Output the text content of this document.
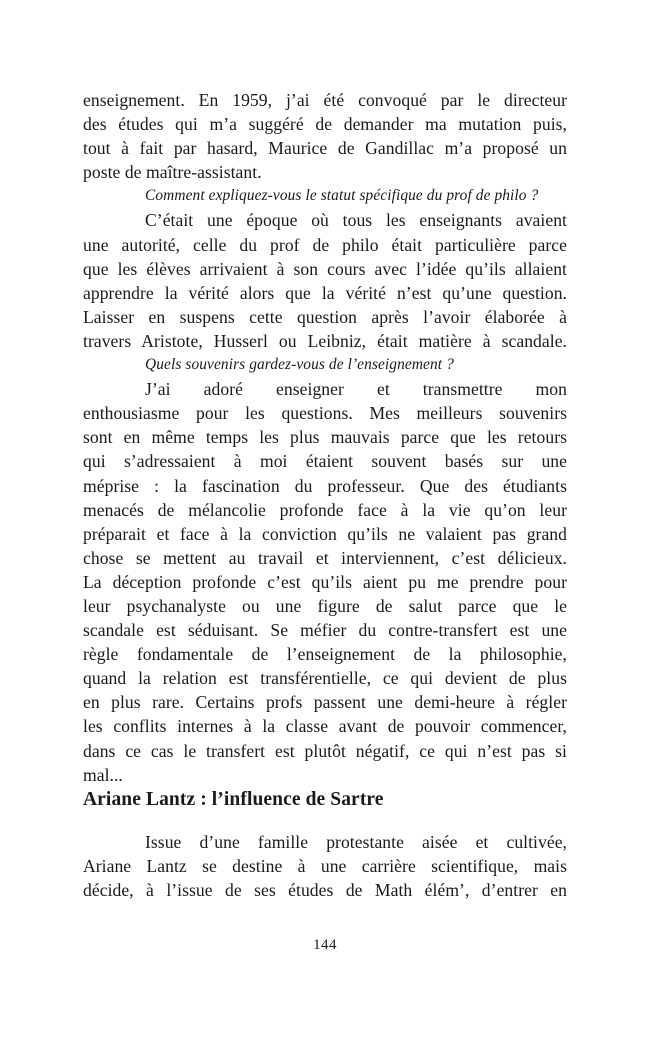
enseignement. En 1959, j’ai été convoqué par le directeur
des études qui m’a suggéré de demander ma mutation puis,
tout à fait par hasard, Maurice de Gandillac m’a proposé un
poste de maître-assistant.
Comment expliquez-vous le statut spécifique du prof de philo ?
C’était une époque où tous les enseignants avaient
une autorité, celle du prof de philo était particulière parce
que les élèves arrivaient à son cours avec l’idée qu’ils allaient
apprendre la vérité alors que la vérité n’est qu’une question.
Laisser en suspens cette question après l’avoir élaborée à
travers Aristote, Husserl ou Leibniz, était matière à scandale.
Quels souvenirs gardez-vous de l’enseignement ?
J’ai adoré enseigner et transmettre mon
enthousiasme pour les questions. Mes meilleurs souvenirs
sont en même temps les plus mauvais parce que les retours
qui s’adressaient à moi étaient souvent basés sur une
méprise : la fascination du professeur. Que des étudiants
menacés de mélancolie profonde face à la vie qu’on leur
préparait et face à la conviction qu’ils ne valaient pas grand
chose se mettent au travail et interviennent, c’est délicieux.
La déception profonde c’est qu’ils aient pu me prendre pour
leur psychanalyste ou une figure de salut parce que le
scandale est séduisant. Se méfier du contre-transfert est une
règle fondamentale de l’enseignement de la philosophie,
quand la relation est transférentielle, ce qui devient de plus
en plus rare. Certains profs passent une demi-heure à régler
les conflits internes à la classe avant de pouvoir commencer,
dans ce cas le transfert est plutôt négatif, ce qui n’est pas si
mal...
Ariane Lantz : l’influence de Sartre
Issue d’une famille protestante aisée et cultivée,
Ariane Lantz se destine à une carrière scientifique, mais
décide, à l’issue de ses études de Math élém’, d’entrer en
144
